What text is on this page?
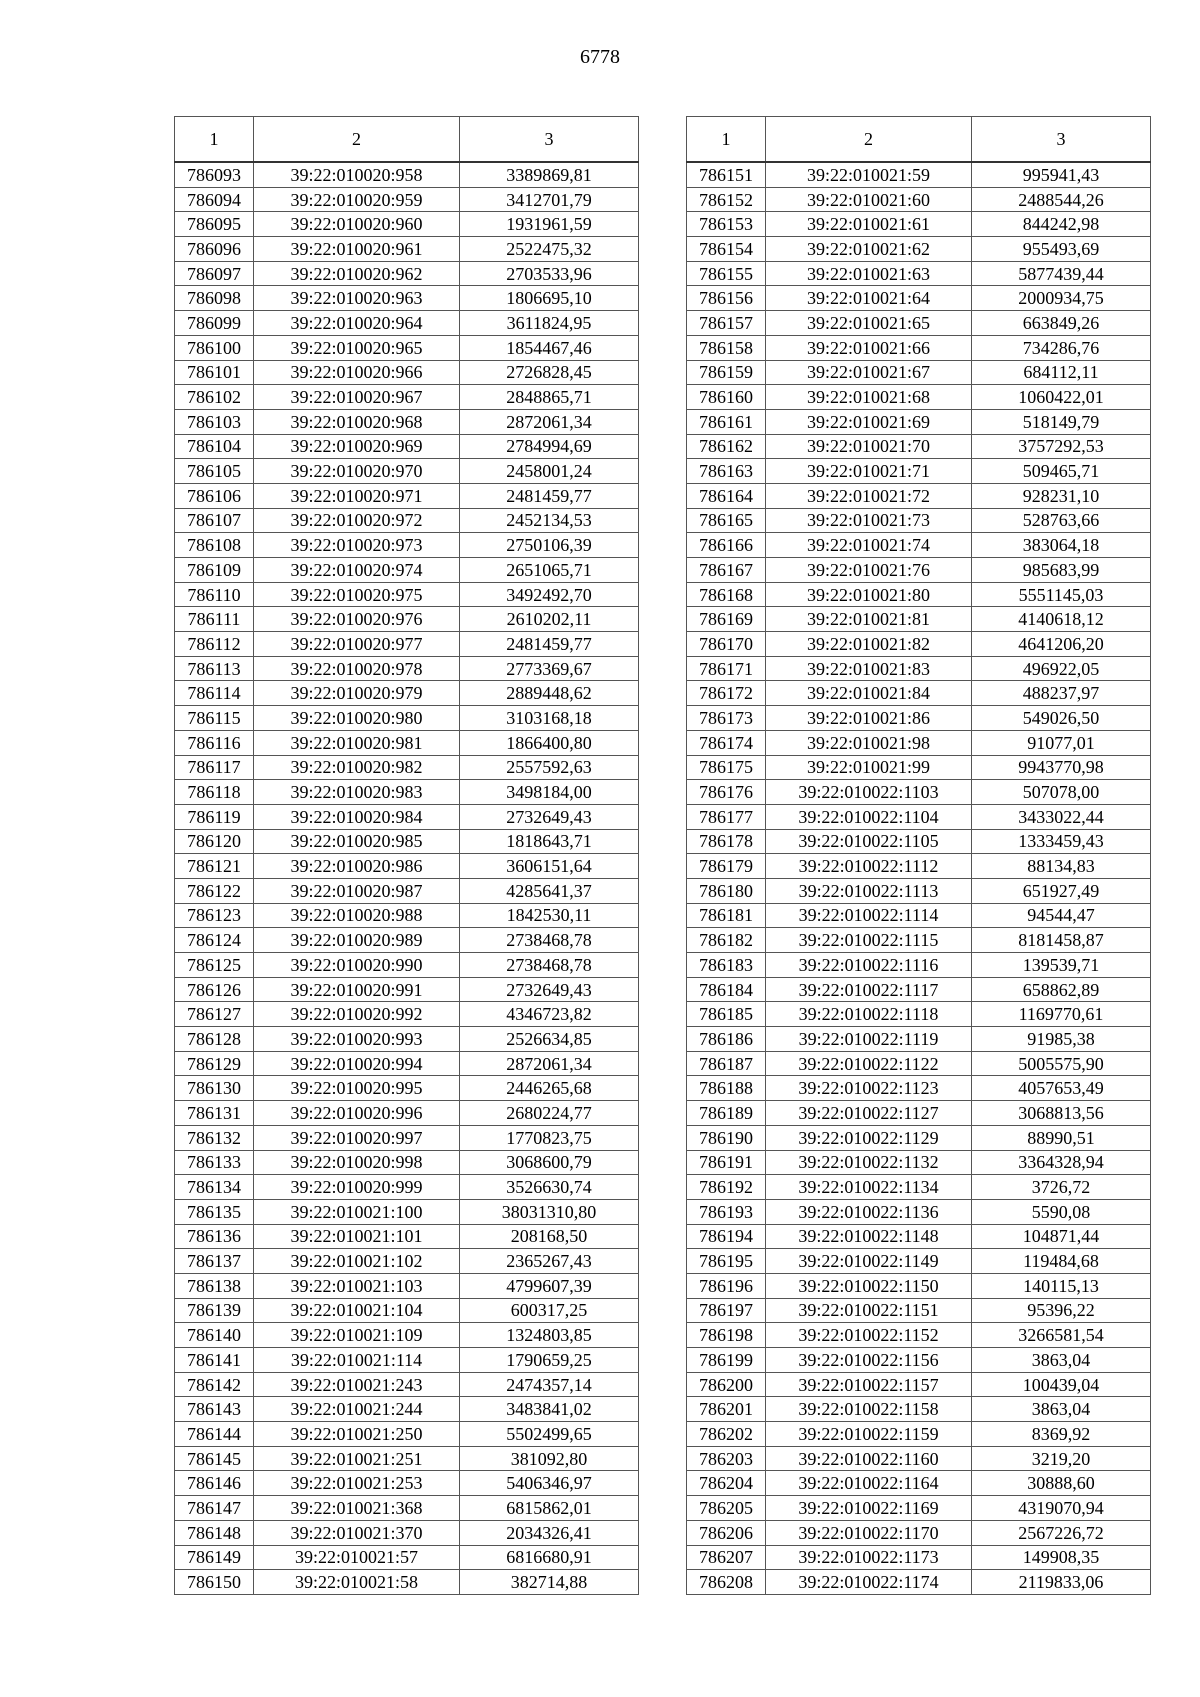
6778
1	2	3
786093	39:22:010020:958	3389869,81
786094	39:22:010020:959	3412701,79
786095	39:22:010020:960	1931961,59
786096	39:22:010020:961	2522475,32
786097	39:22:010020:962	2703533,96
786098	39:22:010020:963	1806695,10
786099	39:22:010020:964	3611824,95
786100	39:22:010020:965	1854467,46
786101	39:22:010020:966	2726828,45
786102	39:22:010020:967	2848865,71
786103	39:22:010020:968	2872061,34
786104	39:22:010020:969	2784994,69
786105	39:22:010020:970	2458001,24
786106	39:22:010020:971	2481459,77
786107	39:22:010020:972	2452134,53
786108	39:22:010020:973	2750106,39
786109	39:22:010020:974	2651065,71
786110	39:22:010020:975	3492492,70
786111	39:22:010020:976	2610202,11
786112	39:22:010020:977	2481459,77
786113	39:22:010020:978	2773369,67
786114	39:22:010020:979	2889448,62
786115	39:22:010020:980	3103168,18
786116	39:22:010020:981	1866400,80
786117	39:22:010020:982	2557592,63
786118	39:22:010020:983	3498184,00
786119	39:22:010020:984	2732649,43
786120	39:22:010020:985	1818643,71
786121	39:22:010020:986	3606151,64
786122	39:22:010020:987	4285641,37
786123	39:22:010020:988	1842530,11
786124	39:22:010020:989	2738468,78
786125	39:22:010020:990	2738468,78
786126	39:22:010020:991	2732649,43
786127	39:22:010020:992	4346723,82
786128	39:22:010020:993	2526634,85
786129	39:22:010020:994	2872061,34
786130	39:22:010020:995	2446265,68
786131	39:22:010020:996	2680224,77
786132	39:22:010020:997	1770823,75
786133	39:22:010020:998	3068600,79
786134	39:22:010020:999	3526630,74
786135	39:22:010021:100	38031310,80
786136	39:22:010021:101	208168,50
786137	39:22:010021:102	2365267,43
786138	39:22:010021:103	4799607,39
786139	39:22:010021:104	600317,25
786140	39:22:010021:109	1324803,85
786141	39:22:010021:114	1790659,25
786142	39:22:010021:243	2474357,14
786143	39:22:010021:244	3483841,02
786144	39:22:010021:250	5502499,65
786145	39:22:010021:251	381092,80
786146	39:22:010021:253	5406346,97
786147	39:22:010021:368	6815862,01
786148	39:22:010021:370	2034326,41
786149	39:22:010021:57	6816680,91
786150	39:22:010021:58	382714,88
1	2	3
786151	39:22:010021:59	995941,43
786152	39:22:010021:60	2488544,26
786153	39:22:010021:61	844242,98
786154	39:22:010021:62	955493,69
786155	39:22:010021:63	5877439,44
786156	39:22:010021:64	2000934,75
786157	39:22:010021:65	663849,26
786158	39:22:010021:66	734286,76
786159	39:22:010021:67	684112,11
786160	39:22:010021:68	1060422,01
786161	39:22:010021:69	518149,79
786162	39:22:010021:70	3757292,53
786163	39:22:010021:71	509465,71
786164	39:22:010021:72	928231,10
786165	39:22:010021:73	528763,66
786166	39:22:010021:74	383064,18
786167	39:22:010021:76	985683,99
786168	39:22:010021:80	5551145,03
786169	39:22:010021:81	4140618,12
786170	39:22:010021:82	4641206,20
786171	39:22:010021:83	496922,05
786172	39:22:010021:84	488237,97
786173	39:22:010021:86	549026,50
786174	39:22:010021:98	91077,01
786175	39:22:010021:99	9943770,98
786176	39:22:010022:1103	507078,00
786177	39:22:010022:1104	3433022,44
786178	39:22:010022:1105	1333459,43
786179	39:22:010022:1112	88134,83
786180	39:22:010022:1113	651927,49
786181	39:22:010022:1114	94544,47
786182	39:22:010022:1115	8181458,87
786183	39:22:010022:1116	139539,71
786184	39:22:010022:1117	658862,89
786185	39:22:010022:1118	1169770,61
786186	39:22:010022:1119	91985,38
786187	39:22:010022:1122	5005575,90
786188	39:22:010022:1123	4057653,49
786189	39:22:010022:1127	3068813,56
786190	39:22:010022:1129	88990,51
786191	39:22:010022:1132	3364328,94
786192	39:22:010022:1134	3726,72
786193	39:22:010022:1136	5590,08
786194	39:22:010022:1148	104871,44
786195	39:22:010022:1149	119484,68
786196	39:22:010022:1150	140115,13
786197	39:22:010022:1151	95396,22
786198	39:22:010022:1152	3266581,54
786199	39:22:010022:1156	3863,04
786200	39:22:010022:1157	100439,04
786201	39:22:010022:1158	3863,04
786202	39:22:010022:1159	8369,92
786203	39:22:010022:1160	3219,20
786204	39:22:010022:1164	30888,60
786205	39:22:010022:1169	4319070,94
786206	39:22:010022:1170	2567226,72
786207	39:22:010022:1173	149908,35
786208	39:22:010022:1174	2119833,06
